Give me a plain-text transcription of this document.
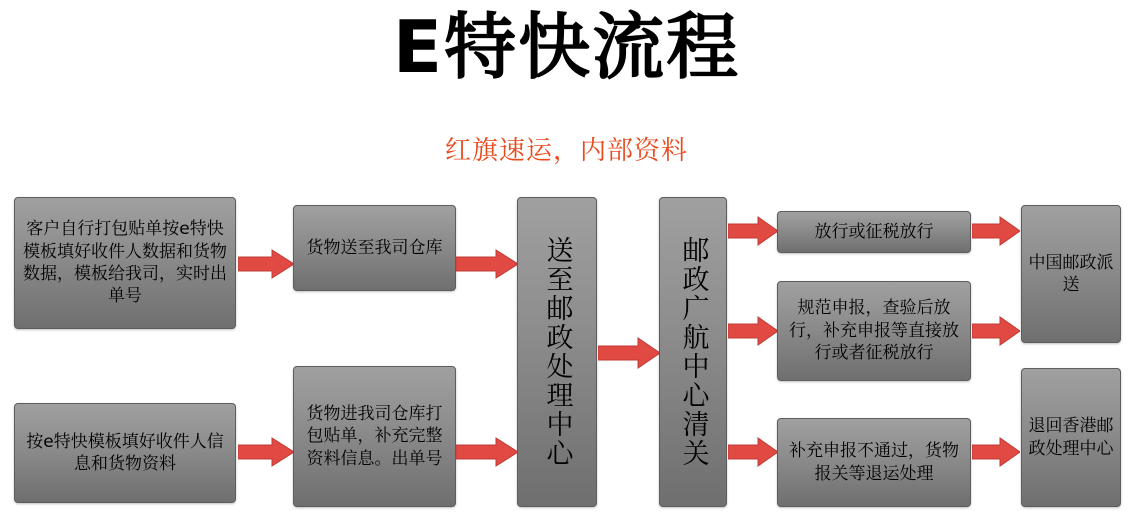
E特快流程
红旗速运，内部资料
客户自行打包贴单按e特快模板填好收件人数据和货物数据，模板给我司，实时出单号
货物送至我司仓库	送至邮政处理中心	邮政广航中心清关
放行或征税放行
中国邮政派送
规范申报，查验后放行，补充申报等直接放行或者征税放行
补充申报不通过，货物报关等退运处理
退回香港邮政处理中心
按e特快模板填好收件人信息和货物资料
货物进我司仓库打包贴单，补充完整资料信息。出单号
